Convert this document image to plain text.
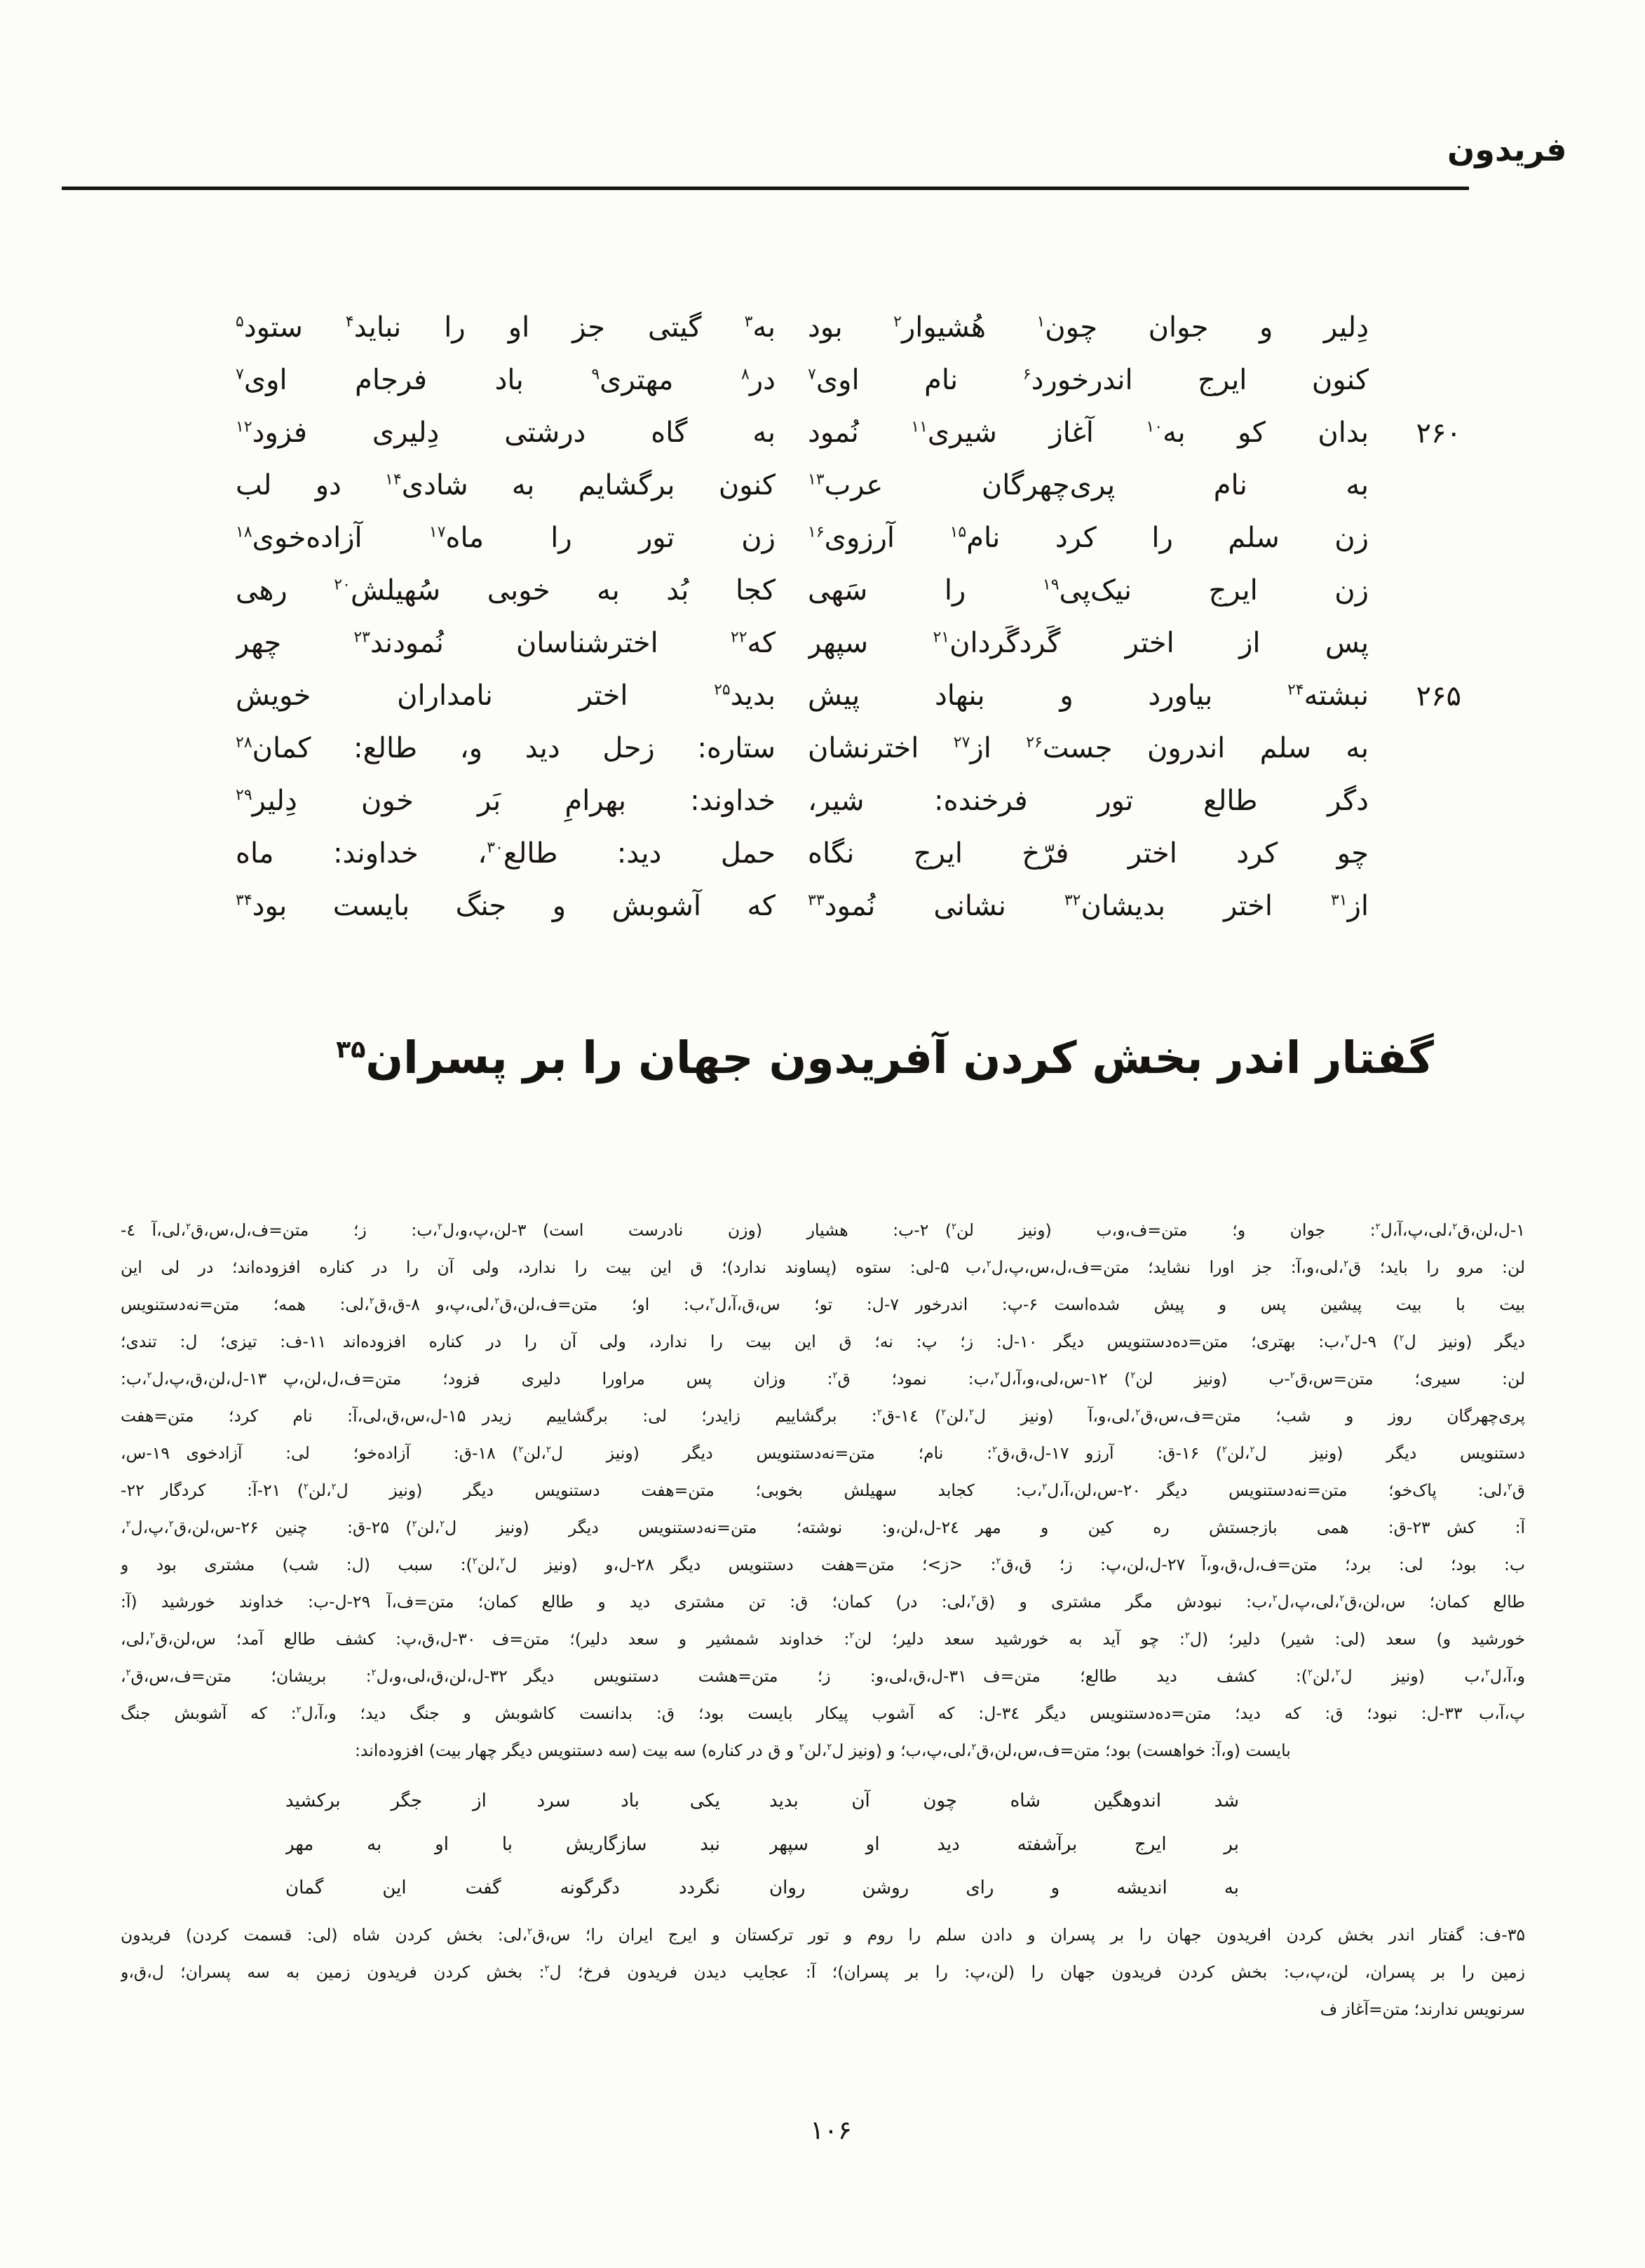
فریدون
دِلیر و جوان چون$^۱$ هُشیوار$^۲$ بود
به$^۳$ گیتی جز او را نباید$^۴$ ستود$^۵$
کنون ایرج اندرخورد$^۶$ نام اوی$^۷$
در$^۸$ مهتری$^۹$ باد فرجام اوی$^۷$
۲۶۰
بدان کو به$^{۱۰}$ آغاز شیری$^{۱۱}$ نُمود
به گاه درشتی دِلیری فزود$^{۱۲}$
به نام پری‌چهرگان عرب$^{۱۳}$
کنون برگشایم به شادی$^{۱۴}$ دو لب
زن سلم را کرد نام$^{۱۵}$ آرزوی$^{۱۶}$
زن تور را ماه$^{۱۷}$ آزاده‌خوی$^{۱۸}$
زن ایرج نیک‌پی$^{۱۹}$ را سَهی
کجا بُد به خوبی سُهیلش$^{۲۰}$ رهی
پس از اختر گَردگَردان$^{۲۱}$ سپهر
که$^{۲۲}$ اخترشناسان نُمودند$^{۲۳}$ چهر
۲۶۵
نبشته$^{۲۴}$ بیاورد و بنهاد پیش
بدید$^{۲۵}$ اختر نامداران خویش
به سلم اندرون جست$^{۲۶}$ از$^{۲۷}$ اخترنشان
ستاره: زحل دید و، طالع: کمان$^{۲۸}$
دگر طالع تور فرخنده: شیر،
خداوند: بهرامِ بَر خون دِلیر$^{۲۹}$
چو کرد اختر فرّخ ایرج نگاه
حمل دید: طالع$^{۳۰}$، خداوند: ماه
از$^{۳۱}$ اختر بدیشان$^{۳۲}$ نشانی نُمود$^{۳۳}$
که آشوبش و جنگ بایست بود$^{۳۴}$
گفتار اندر بخش کردن آفریدون جهان را بر پسران$^{۳۵}$
۱-ل،لن،ق$^۲$،لی،پ،آ،ل$^۲$: جوان و؛ متن=ف،و،ب (ونیز لن$^۲$) ۲-ب: هشیار (وزن نادرست است) ۳-لن،پ،و،ل$^۲$،ب: ز؛ متن=ف،ل،س،ق$^۲$،لی،آ ٤-
لن: مرو را باید؛ ق$^۲$،لی،و،آ: جز اورا نشاید؛ متن=ف،ل،س،پ،ل$^۲$،ب ۵-لی: ستوه (پساوند ندارد)؛ ق این بیت را ندارد، ولی آن را در کناره افزوده‌اند؛ در لی این
بیت با بیت پیشین پس و پیش شده‌است ۶-پ: اندرخور ۷-ل: تو؛ س،ق،آ،ل$^۲$،ب: او؛ متن=ف،لن،ق$^۲$،لی،پ،و ۸-ق،ق$^۲$،لی: همه؛ متن=نه‌دستنویس
دیگر (ونیز ل$^۲$) ۹-ل$^۲$،ب: بهتری؛ متن=ده‌دستنویس دیگر ۱۰-ل: ز؛ پ: نه؛ ق این بیت را ندارد، ولی آن را در کناره افزوده‌اند ۱۱-ف: تیزی؛ ل: تندی؛
لن: سیری؛ متن=س،ق$^۲$-ب (ونیز لن$^۲$) ۱۲-س،لی،و،آ،ل$^۲$،ب: نمود؛ ق$^۲$: وزان پس مراورا دلیری فزود؛ متن=ف،ل،لن،پ ۱۳-ل،لن،ق،پ،ل$^۲$،ب:
پری‌چهرگان روز و شب؛ متن=ف،س،ق$^۲$،لی،و،آ (ونیز ل$^۲$،لن$^۲$) ۱٤-ق$^۲$: برگشاییم زایدر؛ لی: برگشاییم زیدر ۱۵-ل،س،ق،لی،آ: نام کرد؛ متن=هفت
دستنویس دیگر (ونیز ل$^۲$،لن$^۲$) ۱۶-ق: آرزو ۱۷-ل،ق،ق$^۲$: نام؛ متن=نه‌دستنویس دیگر (ونیز ل$^۲$،لن$^۲$) ۱۸-ق: آزاده‌خو؛ لی: آزادخوی ۱۹-س،
ق$^۲$،لی: پاک‌خو؛ متن=نه‌دستنویس دیگر ۲۰-س،لن،آ،ل$^۲$،ب: کجابد سهیلش بخوبی؛ متن=هفت دستنویس دیگر (ونیز ل$^۲$،لن$^۲$) ۲۱-آ: کردگار ۲۲-
آ: کش ۲۳-ق: همی بازجستش ره کین و مهر ۲٤-ل،لن،و: نوشته؛ متن=نه‌دستنویس دیگر (ونیز ل$^۲$،لن$^۲$) ۲۵-ق: چنین ۲۶-س،لن،ق$^۲$،پ،ل$^۲$،
ب: بود؛ لی: برد؛ متن=ف،ل،ق،و،آ ۲۷-ل،لن،پ: ز؛ ق،ق$^۲$: <ز>؛ متن=هفت دستنویس دیگر ۲۸-ل،و (ونیز ل$^۲$،لن$^۲$): سبب (ل: شب) مشتری بود و
طالع کمان؛ س،لن،ق$^۲$،لی،پ،ل$^۲$،ب: نبودش مگر مشتری و (ق$^۲$،لی: در) کمان؛ ق: تن مشتری دید و طالع کمان؛ متن=ف،آ ۲۹-ل-ب: خداوند خورشید (آ:
خورشید و) سعد (لی: شیر) دلیر؛ (ل$^۲$: چو آید به خورشید سعد دلیر؛ لن$^۲$: خداوند شمشیر و سعد دلیر)؛ متن=ف ۳۰-ل،ق،پ: کشف طالع آمد؛ س،لن،ق$^۲$،لی،
و،آ،ل$^۲$،ب (ونیز ل$^۲$،لن$^۲$): کشف دید طالع؛ متن=ف ۳۱-ل،ق،لی،و: ز؛ متن=هشت دستنویس دیگر ۳۲-ل،لن،ق،لی،و،ل$^۲$: بریشان؛ متن=ف،س،ق$^۲$،
پ،آ،ب ۳۳-ل: نبود؛ ق: که دید؛ متن=ده‌دستنویس دیگر ۳٤-ل: که آشوب پیکار بایست بود؛ ق: بدانست کاشوبش و جنگ دید؛ و،آ،ل$^۲$: که آشوبش جنگ
بایست (و،آ: خواهست) بود؛ متن=ف،س،لن،ق$^۲$،لی،پ،ب؛ و (ونیز ل$^۲$،لن$^۲$ و ق در کناره) سه بیت (سه دستنویس دیگر چهار بیت) افزوده‌اند:
شد اندوهگین شاه چون آن بدید
یکی باد سرد از جگر برکشید
بر ایرج برآشفته دید او سپهر
نبد سازگاریش با او به مهر
به اندیشه و رای روشن روان
نگردد دگرگونه گفت این گمان
۳۵-ف: گفتار اندر بخش کردن افریدون جهان را بر پسران و دادن سلم را روم و تور ترکستان و ایرج ایران را؛ س،ق$^۲$،لی: بخش کردن شاه (لی: قسمت کردن) فریدون
زمین را بر پسران، لن،پ،ب: بخش کردن فریدون جهان را (لن،پ: را بر پسران)؛ آ: عجایب دیدن فریدون فرخ؛ ل$^۲$: بخش کردن فریدون زمین به سه پسران؛ ل،ق،و
سرنویس ندارند؛ متن=آغاز ف
۱۰۶
